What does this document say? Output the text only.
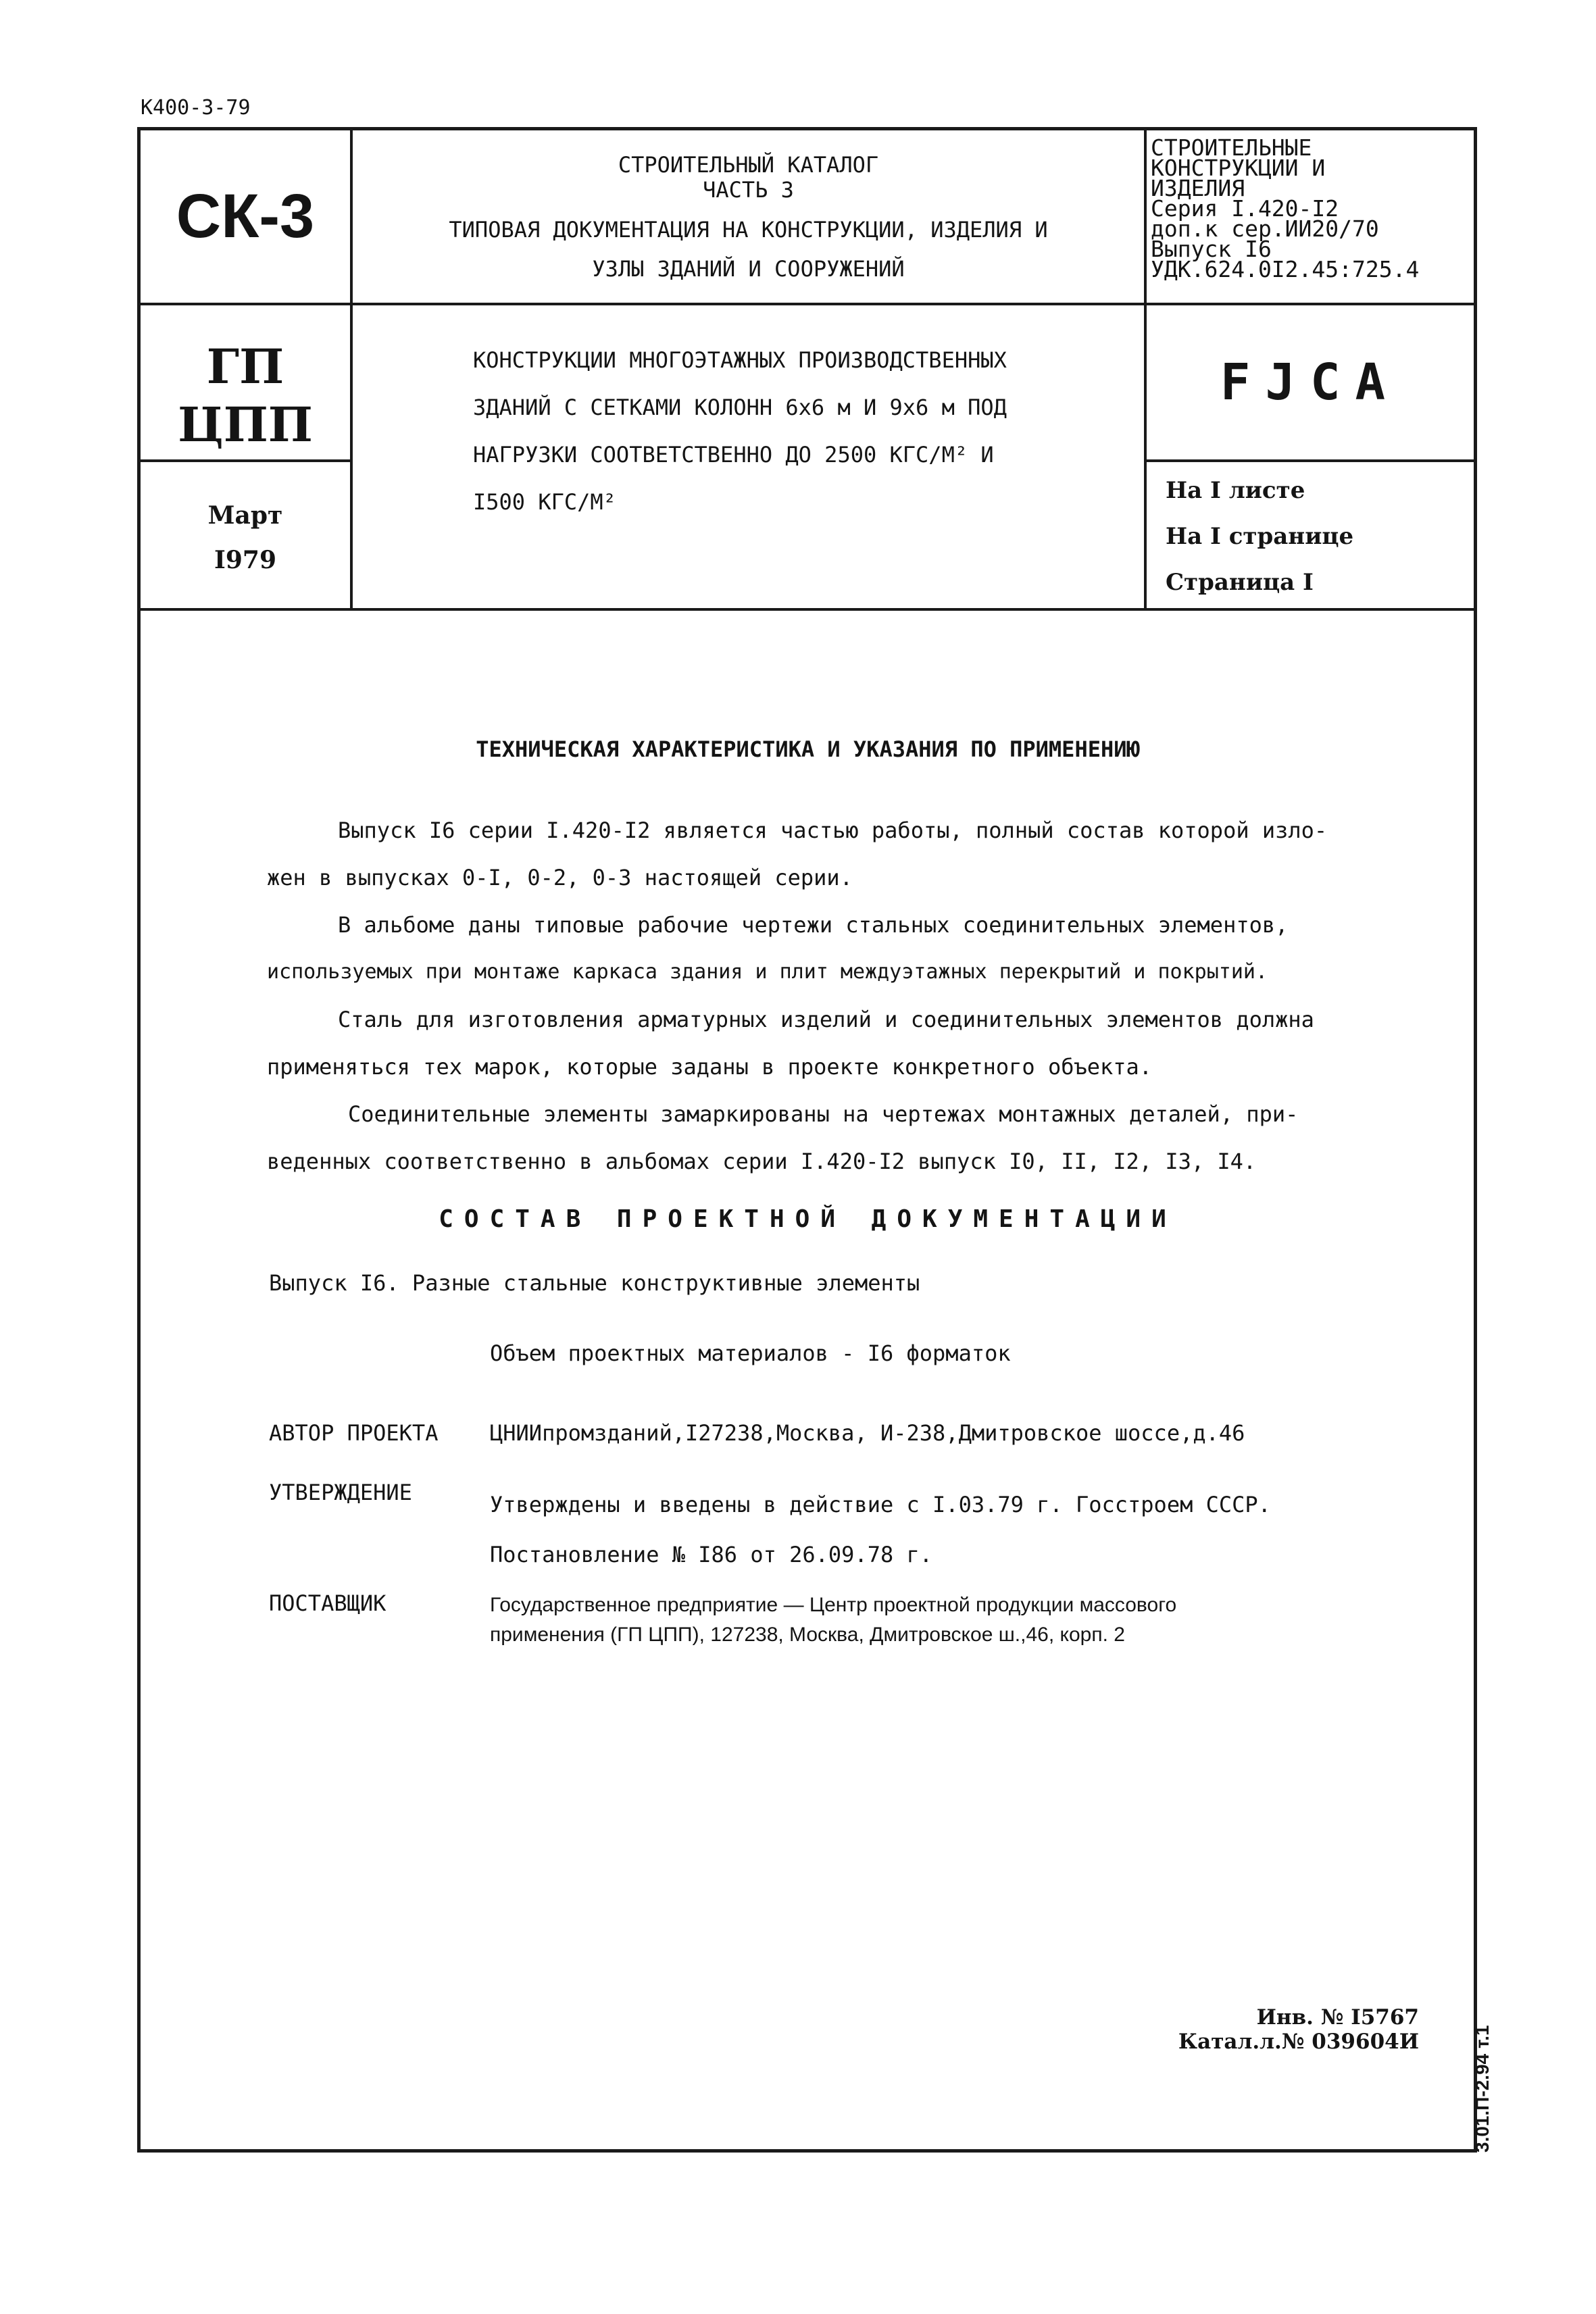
К400-3-79
СК-3
СТРОИТЕЛЬНЫЙ КАТАЛОГ
ЧАСТЬ 3
ТИПОВАЯ ДОКУМЕНТАЦИЯ НА КОНСТРУКЦИИ, ИЗДЕЛИЯ И
УЗЛЫ ЗДАНИЙ И СООРУЖЕНИЙ
СТРОИТЕЛЬНЫЕ
КОНСТРУКЦИИ И
ИЗДЕЛИЯ
Серия I.420-I2
доп.к сер.ИИ20/70
Выпуск I6
УДК.624.0I2.45:725.4
ГП
ЦПП
КОНСТРУКЦИИ МНОГОЭТАЖНЫХ ПРОИЗВОДСТВЕННЫХ
ЗДАНИЙ С СЕТКАМИ КОЛОНН 6х6 м И 9х6 м ПОД
НАГРУЗКИ СООТВЕТСТВЕННО ДО 2500 КГС/М² И
I500 КГС/М²
FJCA
Март
I979
На I листе
На I странице
Страница I
ТЕХНИЧЕСКАЯ ХАРАКТЕРИСТИКА И УКАЗАНИЯ ПО ПРИМЕНЕНИЮ
Выпуск I6 серии I.420-I2 является частью работы, полный состав которой изло-
жен в выпусках 0-I, 0-2, 0-3 настоящей серии.
В альбоме даны типовые рабочие чертежи стальных соединительных элементов,
используемых при монтаже каркаса здания и плит междуэтажных перекрытий и покрытий.
Сталь для изготовления арматурных изделий и соединительных элементов должна
применяться тех марок, которые заданы в проекте конкретного объекта.
Соединительные элементы замаркированы на чертежах монтажных деталей, при-
веденных соответственно в альбомах серии I.420-I2 выпуск I0, II, I2, I3, I4.
СОСТАВ ПРОЕКТНОЙ ДОКУМЕНТАЦИИ
Выпуск I6. Разные стальные конструктивные элементы
Объем проектных материалов - I6 форматок
АВТОР ПРОЕКТА ЦНИИпромзданий,I27238,Москва, И-238,Дмитровское шоссе,д.46
УТВЕРЖДЕНИЕ	Утверждены и введены в действие с I.03.79 г. Госстроем СССР.
Постановление № I86 от 26.09.78 г.
ПОСТАВЩИК	Государственное предприятие — Центр проектной продукции массового
применения (ГП ЦПП), 127238, Москва, Дмитровское ш.,46, корп. 2
Инв. № I5767
Катал.л.№ 039604И	3.01.П-2.94 т.1
